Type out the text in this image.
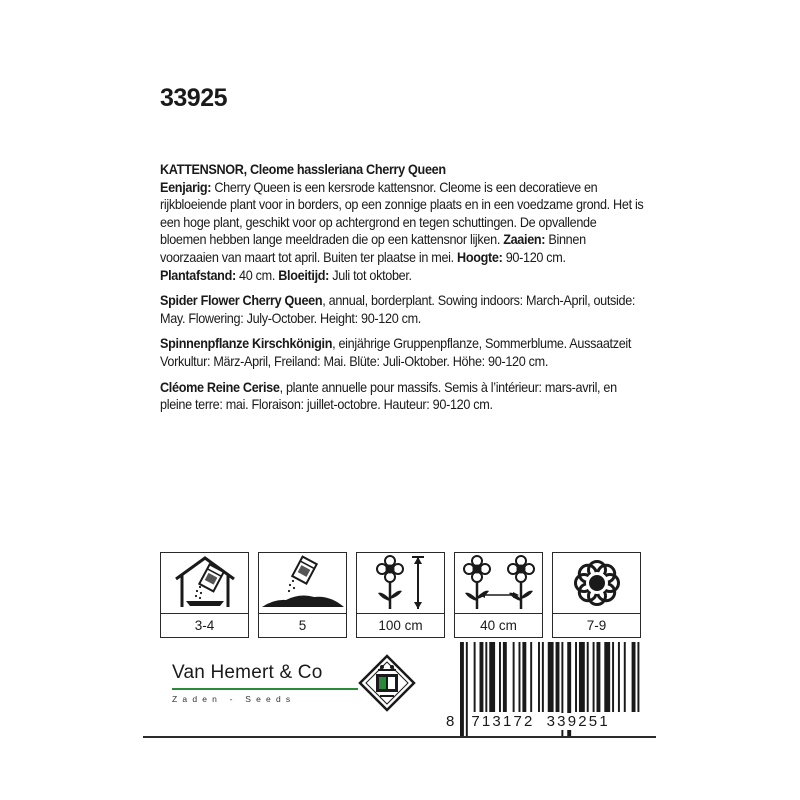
33925

KATTENSNOR, Cleome hassleriana Cherry Queen
Eenjarig: Cherry Queen is een kersrode kattensnor. Cleome is een decoratieve en rijkbloeiende plant voor in borders, op een zonnige plaats en in een voedzame grond. Het is een hoge plant, geschikt voor op achtergrond en tegen schuttingen. De opvallende bloemen hebben lange meeldraden die op een kattensnor lijken. Zaaien: Binnen voorzaaien van maart tot april. Buiten ter plaatse in mei. Hoogte: 90-120 cm. Plantafstand: 40 cm. Bloeitijd: Juli tot oktober.

Spider Flower Cherry Queen, annual, borderplant. Sowing indoors: March-April, outside: May. Flowering: July-October. Height: 90-120 cm.

Spinnenpflanze Kirschkönigin, einjährige Gruppenpflanze, Sommerblume. Aussaatzeit Vorkultur: März-April, Freiland: Mai. Blüte: Juli-Oktober. Höhe: 90-120 cm.

Cléome Reine Cerise, plante annuelle pour massifs. Semis à l’intérieur: mars-avril, en pleine terre: mai. Floraison: juillet-octobre. Hauteur: 90-120 cm.

3-4	5	100 cm	40 cm	7-9
Van Hemert & Co
Zaden - Seeds
8 713172 339251
